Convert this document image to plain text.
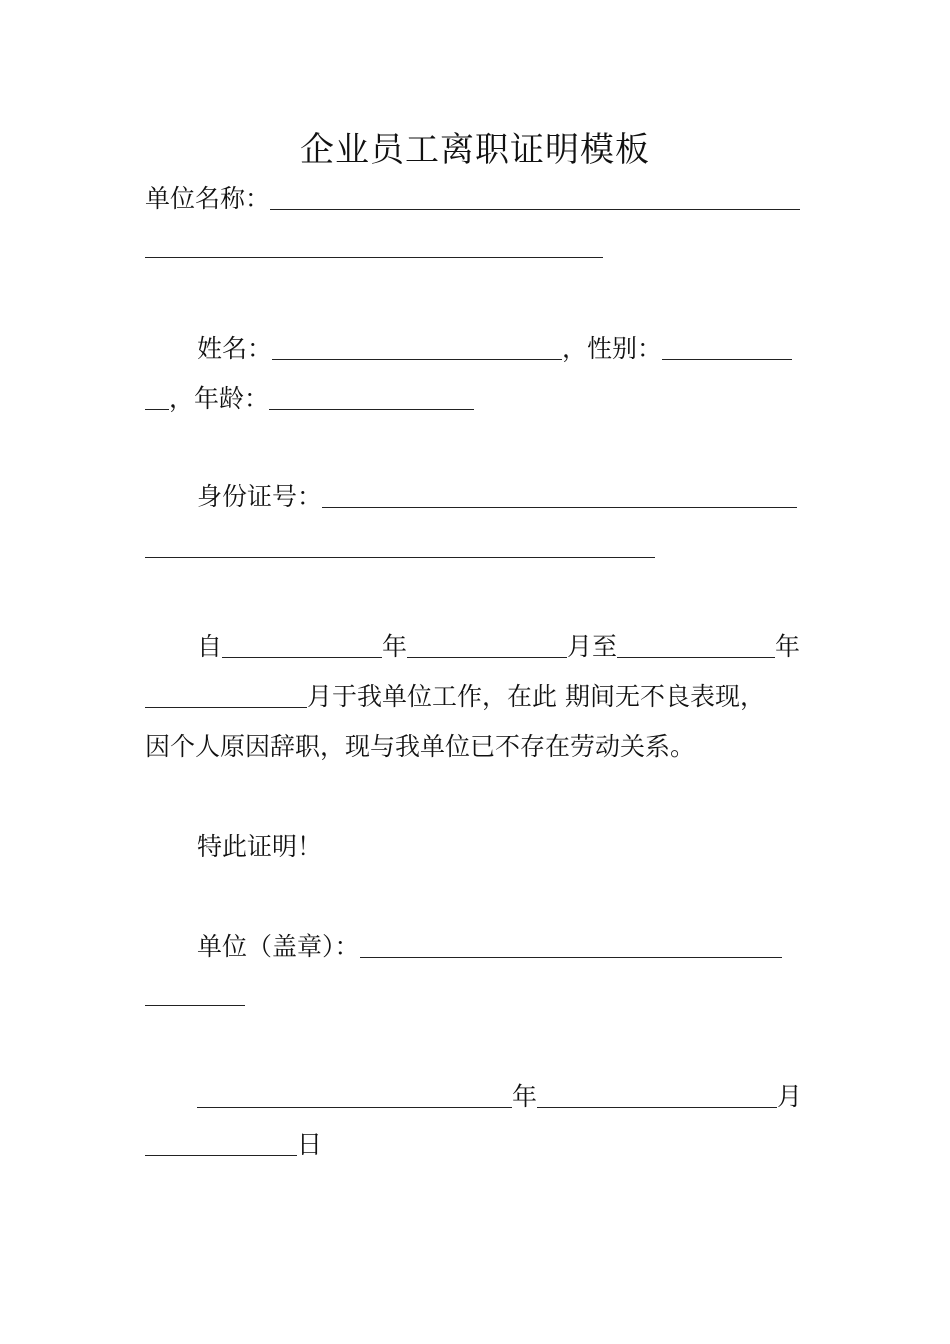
企业员工离职证明模板
单位名称：
姓名：	，性别：
，年龄：
身份证号：
自	年	月至	年
月于我单位工作，在此 期间无不良表现，
因个人原因辞职，现与我单位已不存在劳动关系。
特此证明！
单位（盖章）：
年	月
日
